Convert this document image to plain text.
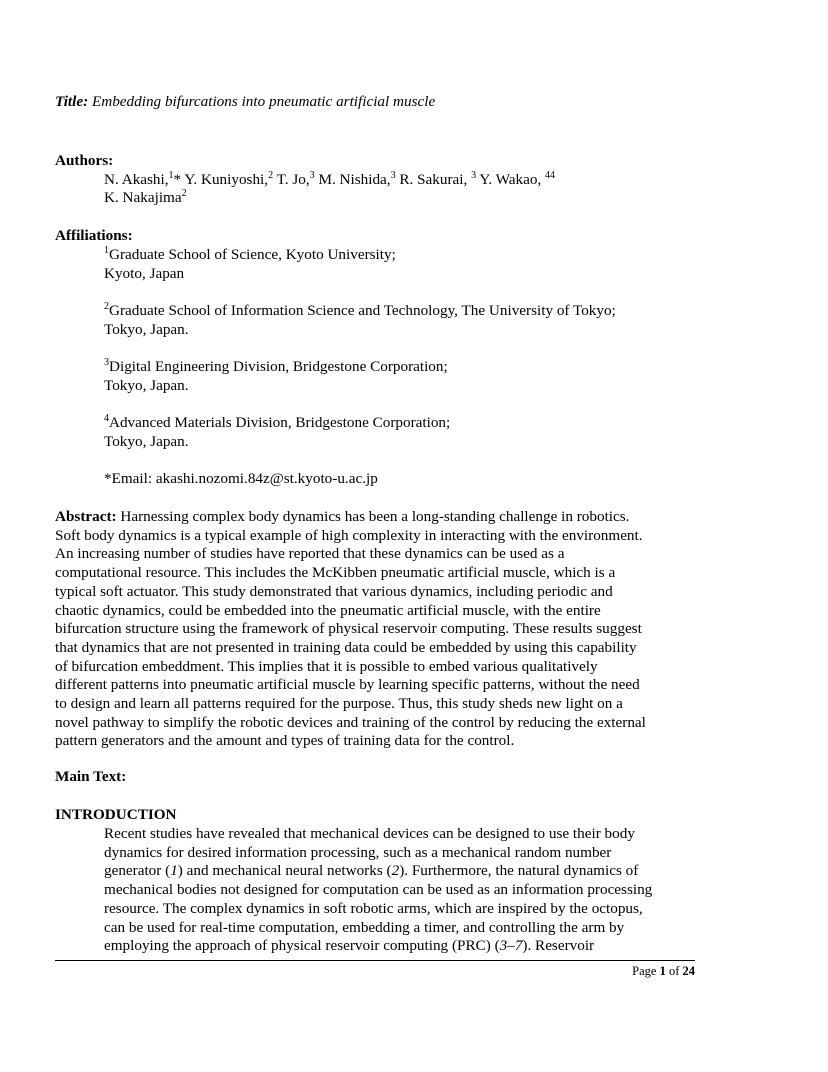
Title: Embedding bifurcations into pneumatic artificial muscle
Authors:
N. Akashi,$^1$* Y. Kuniyoshi,$^2$ T. Jo,$^3$ M. Nishida,$^3$ R. Sakurai, $^3$ Y. Wakao, $^{44}$
K. Nakajima$^2$
Affiliations:
$^1$Graduate School of Science, Kyoto University;
Kyoto, Japan
$^2$Graduate School of Information Science and Technology, The University of Tokyo;
Tokyo, Japan.
$^3$Digital Engineering Division, Bridgestone Corporation;
Tokyo, Japan.
$^4$Advanced Materials Division, Bridgestone Corporation;
Tokyo, Japan.
*Email: akashi.nozomi.84z@st.kyoto-u.ac.jp
Abstract: Harnessing complex body dynamics has been a long-standing challenge in robotics.
Soft body dynamics is a typical example of high complexity in interacting with the environment.
An increasing number of studies have reported that these dynamics can be used as a
computational resource. This includes the McKibben pneumatic artificial muscle, which is a
typical soft actuator. This study demonstrated that various dynamics, including periodic and
chaotic dynamics, could be embedded into the pneumatic artificial muscle, with the entire
bifurcation structure using the framework of physical reservoir computing. These results suggest
that dynamics that are not presented in training data could be embedded by using this capability
of bifurcation embeddment. This implies that it is possible to embed various qualitatively
different patterns into pneumatic artificial muscle by learning specific patterns, without the need
to design and learn all patterns required for the purpose. Thus, this study sheds new light on a
novel pathway to simplify the robotic devices and training of the control by reducing the external
pattern generators and the amount and types of training data for the control.
Main Text:
INTRODUCTION
Recent studies have revealed that mechanical devices can be designed to use their body
dynamics for desired information processing, such as a mechanical random number
generator (1) and mechanical neural networks (2). Furthermore, the natural dynamics of
mechanical bodies not designed for computation can be used as an information processing
resource. The complex dynamics in soft robotic arms, which are inspired by the octopus,
can be used for real-time computation, embedding a timer, and controlling the arm by
employing the approach of physical reservoir computing (PRC) (3–7). Reservoir
Page 1 of 24
